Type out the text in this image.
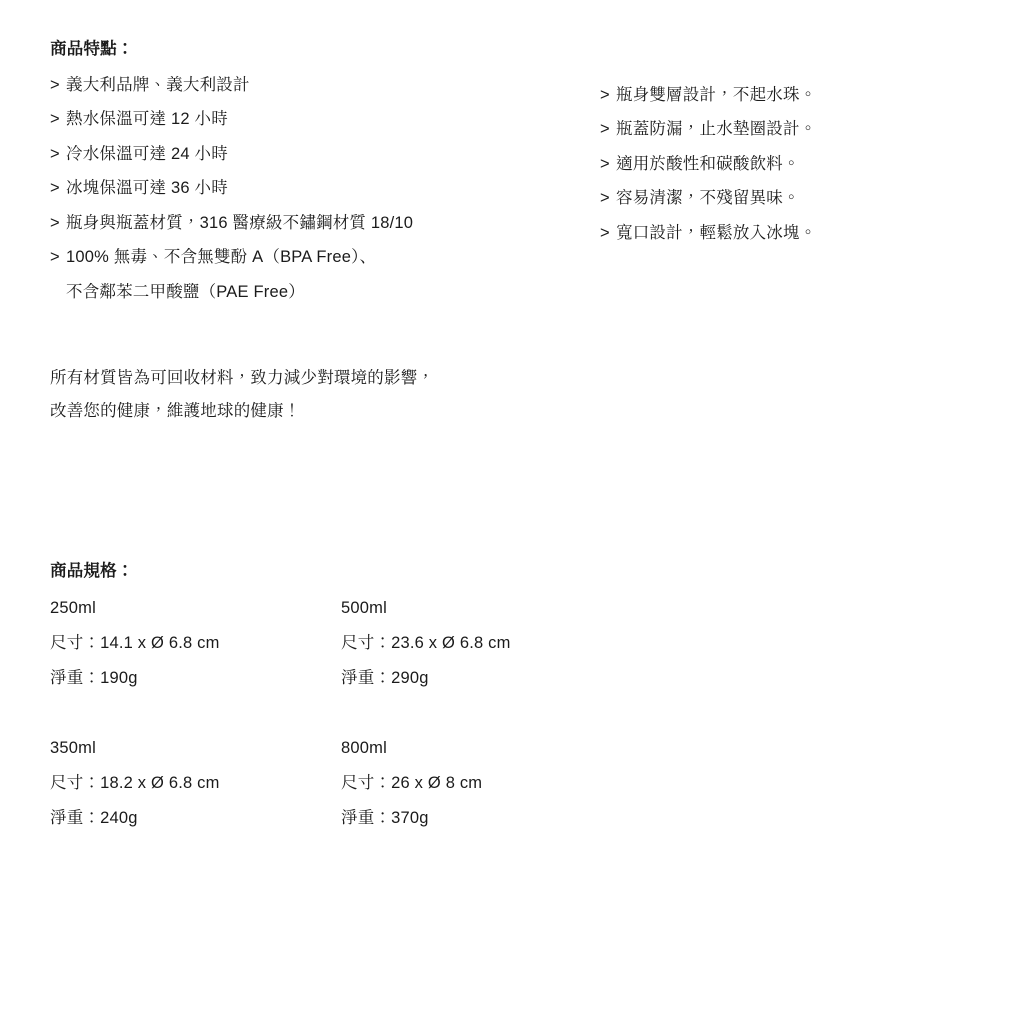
商品特點：
> 義大利品牌、義大利設計
> 熱水保溫可達 12 小時
> 冷水保溫可達 24 小時
> 冰塊保溫可達 36 小時
> 瓶身與瓶蓋材質，316 醫療級不鏽鋼材質 18/10
> 100% 無毒、不含無雙酚 A（BPA Free）、
不含鄰苯二甲酸鹽（PAE Free）
> 瓶身雙層設計，不起水珠。
> 瓶蓋防漏，止水墊圈設計。
> 適用於酸性和碳酸飲料。
> 容易清潔，不殘留異味。
> 寬口設計，輕鬆放入冰塊。
所有材質皆為可回收材料，致力減少對環境的影響，
改善您的健康，維護地球的健康！
商品規格：
250ml
尺寸：14.1 x Ø 6.8 cm
淨重：190g
500ml
尺寸：23.6 x Ø 6.8 cm
淨重：290g
350ml
尺寸：18.2 x Ø 6.8 cm
淨重：240g
800ml
尺寸：26 x Ø 8 cm
淨重：370g
